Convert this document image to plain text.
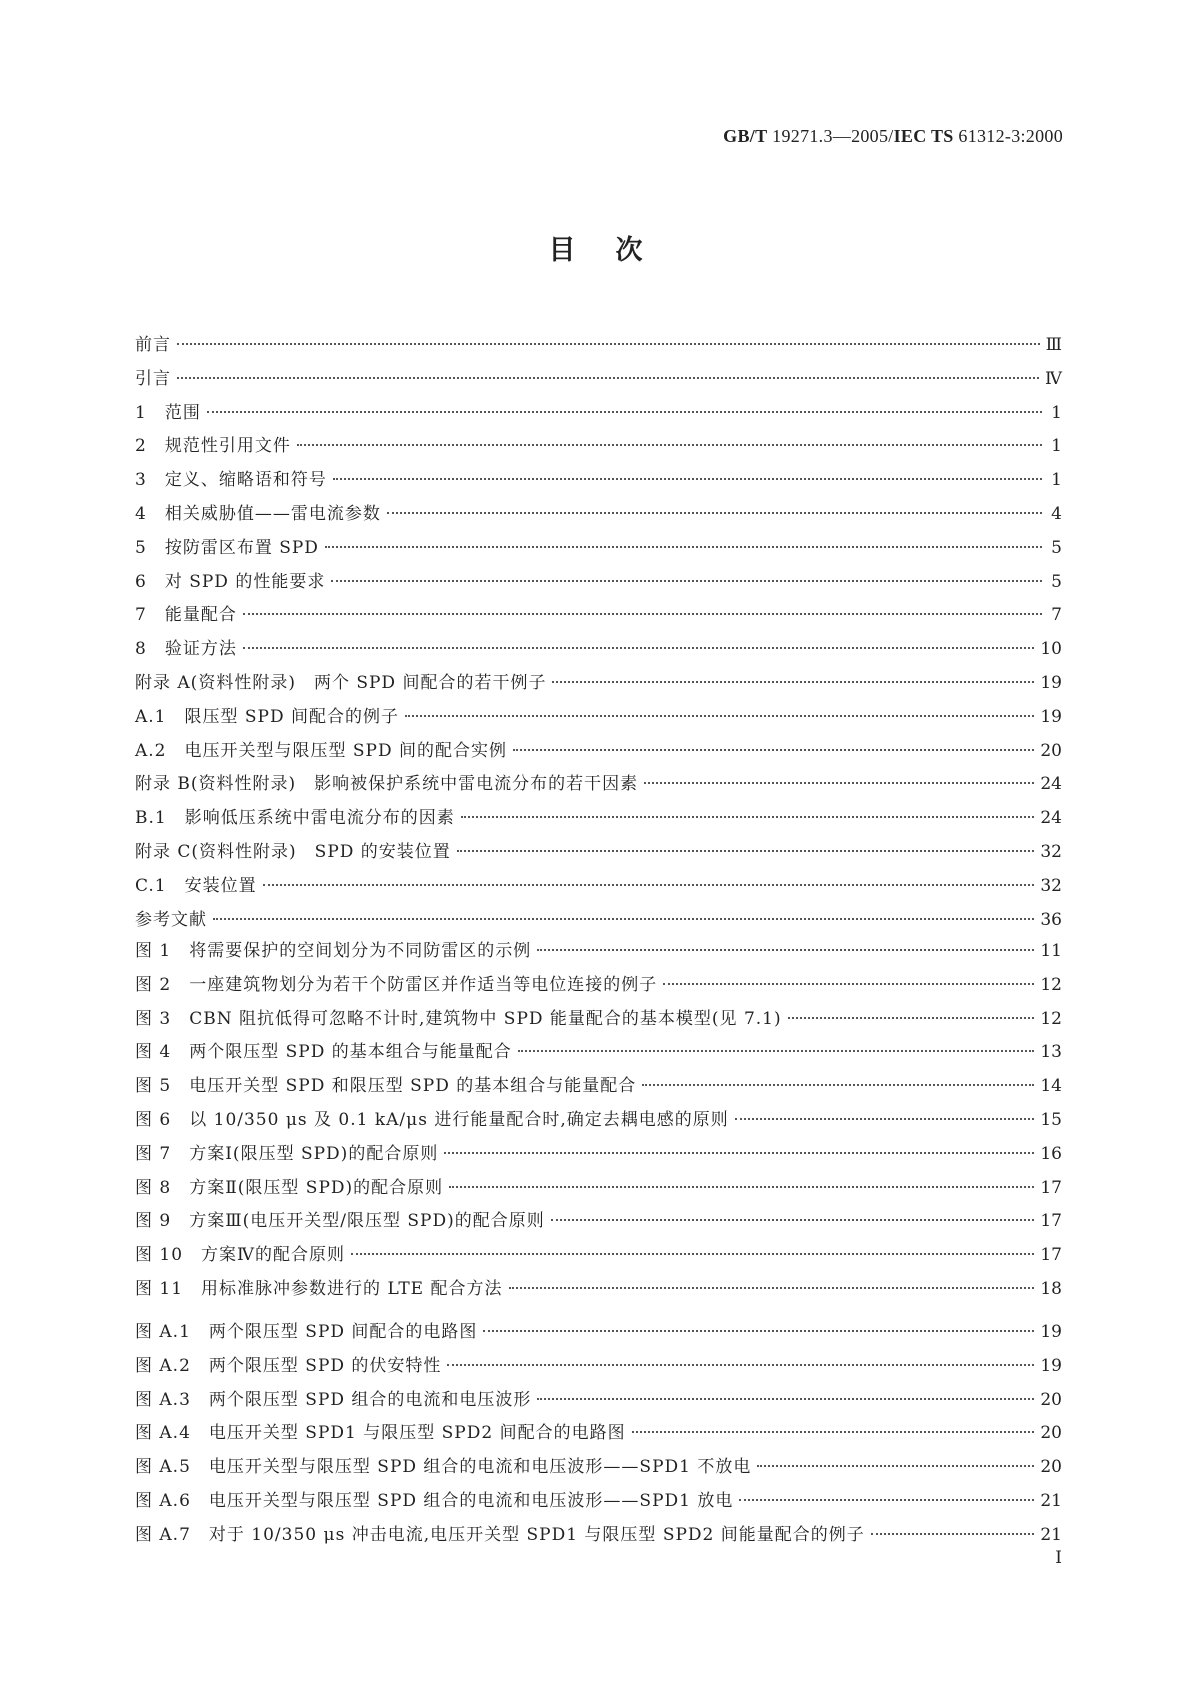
GB/T 19271.3—2005/IEC TS 61312-3:2000
目次
前言	Ⅲ
引言	Ⅳ
1　范围	1
2　规范性引用文件	1
3　定义、缩略语和符号	1
4　相关威胁值——雷电流参数	4
5　按防雷区布置 SPD	5
6　对 SPD 的性能要求	5
7　能量配合	7
8　验证方法	10
附录 A(资料性附录)　两个 SPD 间配合的若干例子	19
A.1　限压型 SPD 间配合的例子	19
A.2　电压开关型与限压型 SPD 间的配合实例	20
附录 B(资料性附录)　影响被保护系统中雷电流分布的若干因素	24
B.1　影响低压系统中雷电流分布的因素	24
附录 C(资料性附录)　SPD 的安装位置	32
C.1　安装位置	32
参考文献	36
图 1　将需要保护的空间划分为不同防雷区的示例	11
图 2　一座建筑物划分为若干个防雷区并作适当等电位连接的例子	12
图 3　CBN 阻抗低得可忽略不计时,建筑物中 SPD 能量配合的基本模型(见 7.1)	12
图 4　两个限压型 SPD 的基本组合与能量配合	13
图 5　电压开关型 SPD 和限压型 SPD 的基本组合与能量配合	14
图 6　以 10/350 μs 及 0.1 kA/μs 进行能量配合时,确定去耦电感的原则	15
图 7　方案Ⅰ(限压型 SPD)的配合原则	16
图 8　方案Ⅱ(限压型 SPD)的配合原则	17
图 9　方案Ⅲ(电压开关型/限压型 SPD)的配合原则	17
图 10　方案Ⅳ的配合原则	17
图 11　用标准脉冲参数进行的 LTE 配合方法	18
图 A.1　两个限压型 SPD 间配合的电路图	19
图 A.2　两个限压型 SPD 的伏安特性	19
图 A.3　两个限压型 SPD 组合的电流和电压波形	20
图 A.4　电压开关型 SPD1 与限压型 SPD2 间配合的电路图	20
图 A.5　电压开关型与限压型 SPD 组合的电流和电压波形——SPD1 不放电	20
图 A.6　电压开关型与限压型 SPD 组合的电流和电压波形——SPD1 放电	21
图 A.7　对于 10/350 μs 冲击电流,电压开关型 SPD1 与限压型 SPD2 间能量配合的例子	21
I
